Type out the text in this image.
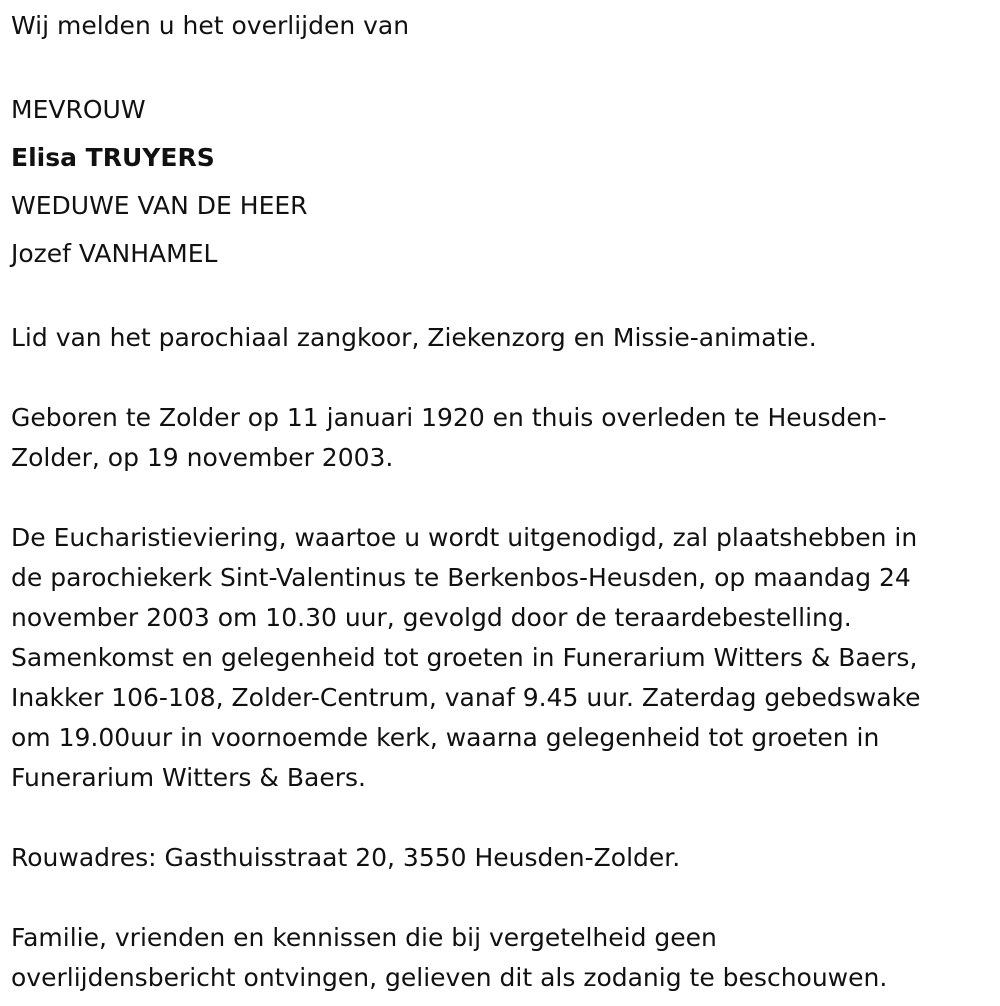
Wij melden u het overlijden van

MEVROUW

Elisa TRUYERS

WEDUWE VAN DE HEER

Jozef VANHAMEL

Lid van het parochiaal zangkoor, Ziekenzorg en Missie-animatie.

Geboren te Zolder op 11 januari 1920 en thuis overleden te Heusden-

Zolder, op 19 november 2003.

De Eucharistieviering, waartoe u wordt uitgenodigd, zal plaatshebben in

de parochiekerk Sint-Valentinus te Berkenbos-Heusden, op maandag 24

november 2003 om 10.30 uur, gevolgd door de teraardebestelling.

Samenkomst en gelegenheid tot groeten in Funerarium Witters & Baers,

Inakker 106-108, Zolder-Centrum, vanaf 9.45 uur. Zaterdag gebedswake

om 19.00uur in voornoemde kerk, waarna gelegenheid tot groeten in

Funerarium Witters & Baers.

Rouwadres: Gasthuisstraat 20, 3550 Heusden-Zolder.

Familie, vrienden en kennissen die bij vergetelheid geen

overlijdensbericht ontvingen, gelieven dit als zodanig te beschouwen.
